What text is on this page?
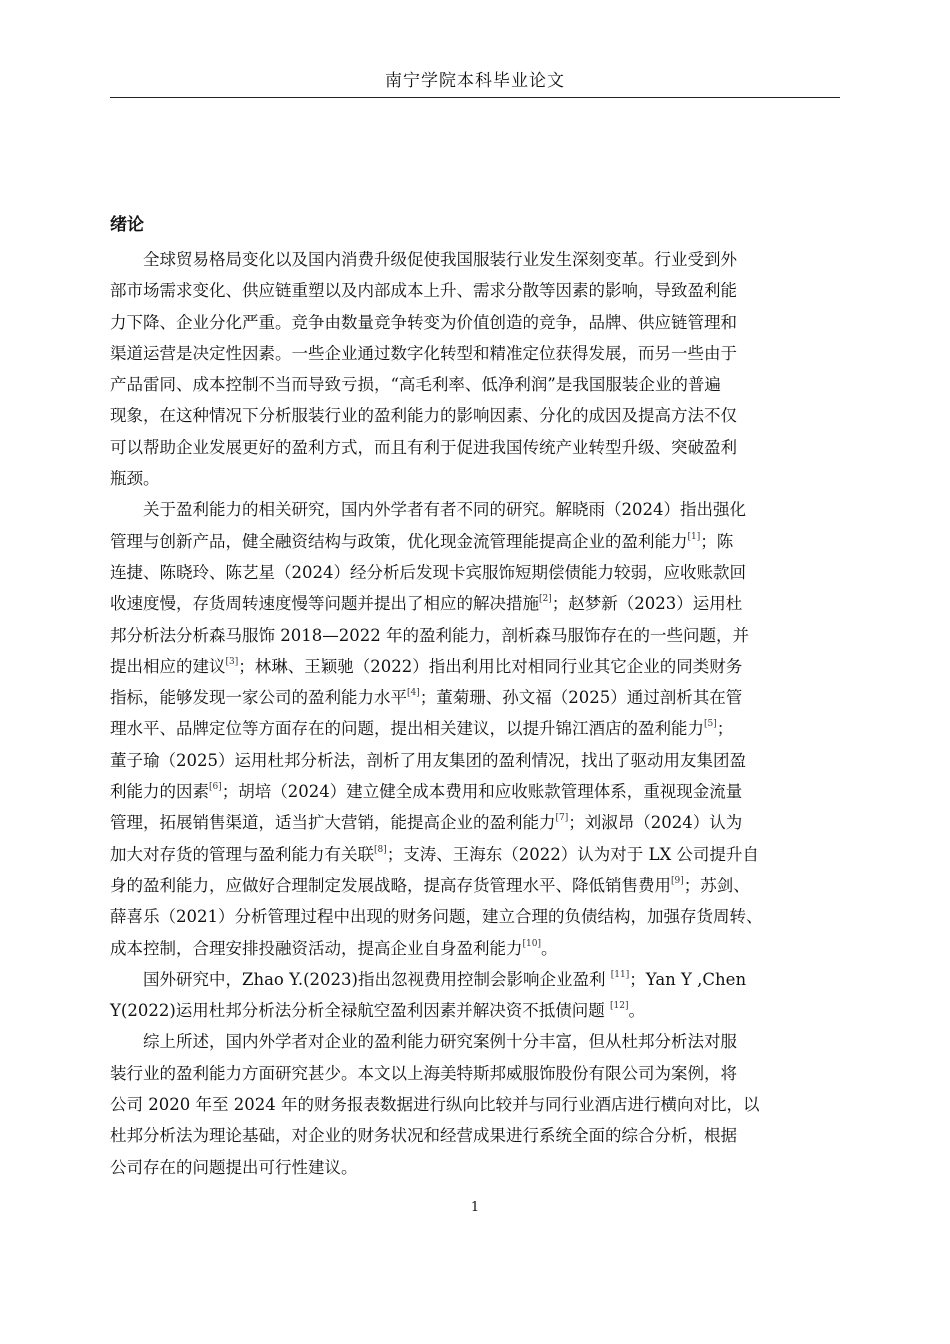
南宁学院本科毕业论文
绪论

全球贸易格局变化以及国内消费升级促使我国服装行业发生深刻变革。行业受到外
部市场需求变化、供应链重塑以及内部成本上升、需求分散等因素的影响，导致盈利能
力下降、企业分化严重。竞争由数量竞争转变为价值创造的竞争，品牌、供应链管理和
渠道运营是决定性因素。一些企业通过数字化转型和精准定位获得发展，而另一些由于
产品雷同、成本控制不当而导致亏损，“高毛利率、低净利润”是我国服装企业的普遍
现象，在这种情况下分析服装行业的盈利能力的影响因素、分化的成因及提高方法不仅
可以帮助企业发展更好的盈利方式，而且有利于促进我国传统产业转型升级、突破盈利
瓶颈。

关于盈利能力的相关研究，国内外学者有者不同的研究。解晓雨（2024）指出强化
管理与创新产品，健全融资结构与政策，优化现金流管理能提高企业的盈利能力[1]；陈
连捷、陈晓玲、陈艺星（2024）经分析后发现卡宾服饰短期偿债能力较弱，应收账款回
收速度慢，存货周转速度慢等问题并提出了相应的解决措施[2]；赵梦新（2023）运用杜
邦分析法分析森马服饰 2018—2022 年的盈利能力，剖析森马服饰存在的一些问题，并
提出相应的建议[3]；林琳、王颖驰（2022）指出利用比对相同行业其它企业的同类财务
指标，能够发现一家公司的盈利能力水平[4]；董菊珊、孙文福（2025）通过剖析其在管
理水平、品牌定位等方面存在的问题，提出相关建议，以提升锦江酒店的盈利能力[5]；
董子瑜（2025）运用杜邦分析法，剖析了用友集团的盈利情况，找出了驱动用友集团盈
利能力的因素[6]；胡培（2024）建立健全成本费用和应收账款管理体系，重视现金流量
管理，拓展销售渠道，适当扩大营销，能提高企业的盈利能力[7]；刘淑昂（2024）认为
加大对存货的管理与盈利能力有关联[8]；支涛、王海东（2022）认为对于 LX 公司提升自
身的盈利能力，应做好合理制定发展战略，提高存货管理水平、降低销售费用[9]；苏剑、
薛喜乐（2021）分析管理过程中出现的财务问题，建立合理的负债结构，加强存货周转、
成本控制，合理安排投融资活动，提高企业自身盈利能力[10]。

国外研究中，Zhao Y.(2023)指出忽视费用控制会影响企业盈利 [11]；Yan Y ,Chen
Y(2022)运用杜邦分析法分析全禄航空盈利因素并解决资不抵债问题 [12]。

综上所述，国内外学者对企业的盈利能力研究案例十分丰富，但从杜邦分析法对服
装行业的盈利能力方面研究甚少。本文以上海美特斯邦威服饰股份有限公司为案例，将
公司 2020 年至 2024 年的财务报表数据进行纵向比较并与同行业酒店进行横向对比，以
杜邦分析法为理论基础，对企业的财务状况和经营成果进行系统全面的综合分析，根据
公司存在的问题提出可行性建议。

1
